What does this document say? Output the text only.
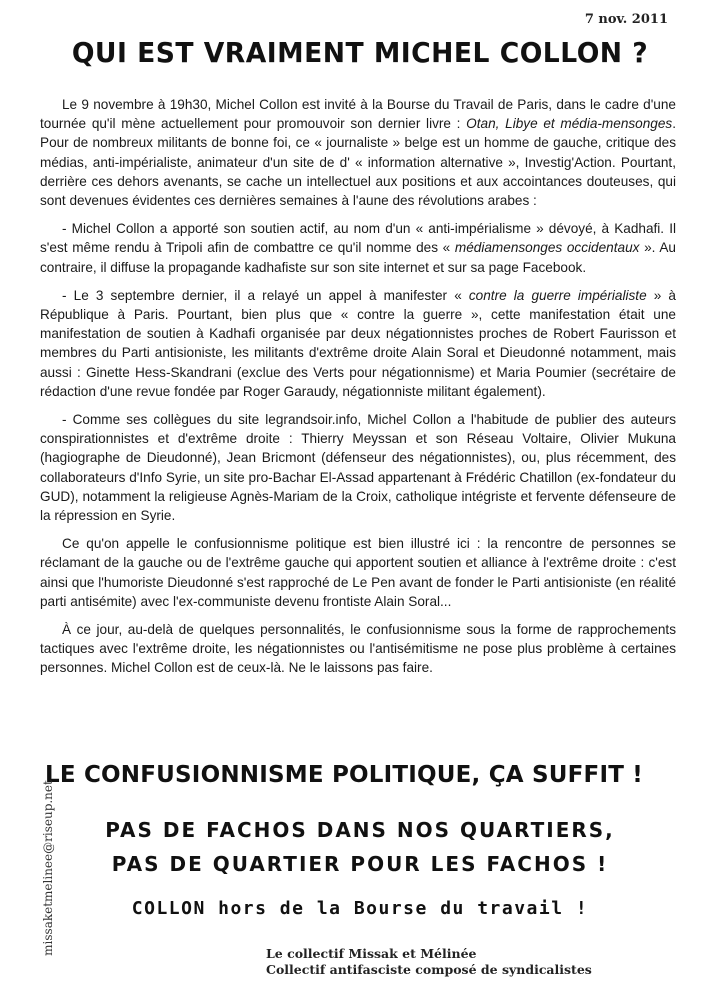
7 nov. 2011
QUI EST VRAIMENT MICHEL COLLON ?

Le 9 novembre à 19h30, Michel Collon est invité à la Bourse du Travail de Paris, dans le cadre d'une tournée qu'il mène actuellement pour promouvoir son dernier livre : Otan, Libye et média-mensonges. Pour de nombreux militants de bonne foi, ce « journaliste » belge est un homme de gauche, critique des médias, anti-impérialiste, animateur d'un site de d' « information alternative », Investig'Action. Pourtant, derrière ces dehors avenants, se cache un intellectuel aux positions et aux accointances douteuses, qui sont devenues évidentes ces dernières semaines à l'aune des révolutions arabes :

- Michel Collon a apporté son soutien actif, au nom d'un « anti-impérialisme » dévoyé, à Kadhafi. Il s'est même rendu à Tripoli afin de combattre ce qu'il nomme des « médiamensonges occidentaux ». Au contraire, il diffuse la propagande kadhafiste sur son site internet et sur sa page Facebook.

- Le 3 septembre dernier, il a relayé un appel à manifester « contre la guerre impérialiste » à République à Paris. Pourtant, bien plus que « contre la guerre », cette manifestation était une manifestation de soutien à Kadhafi organisée par deux négationnistes proches de Robert Faurisson et membres du Parti antisioniste, les militants d'extrême droite Alain Soral et Dieudonné notamment, mais aussi : Ginette Hess-Skandrani (exclue des Verts pour négationnisme) et Maria Poumier (secrétaire de rédaction d'une revue fondée par Roger Garaudy, négationniste militant également).

- Comme ses collègues du site legrandsoir.info, Michel Collon a l'habitude de publier des auteurs conspirationnistes et d'extrême droite : Thierry Meyssan et son Réseau Voltaire, Olivier Mukuna (hagiographe de Dieudonné), Jean Bricmont (défenseur des négationnistes), ou, plus récemment, des collaborateurs d'Info Syrie, un site pro-Bachar El-Assad appartenant à Frédéric Chatillon (ex-fondateur du GUD), notamment la religieuse Agnès-Mariam de la Croix, catholique intégriste et fervente défenseure de la répression en Syrie.

Ce qu'on appelle le confusionnisme politique est bien illustré ici : la rencontre de personnes se réclamant de la gauche ou de l'extrême gauche qui apportent soutien et alliance à l'extrême droite : c'est ainsi que l'humoriste Dieudonné s'est rapproché de Le Pen avant de fonder le Parti antisioniste (en réalité parti antisémite) avec l'ex-communiste devenu frontiste Alain Soral...

À ce jour, au-delà de quelques personnalités, le confusionnisme sous la forme de rapprochements tactiques avec l'extrême droite, les négationnistes ou l'antisémitisme ne pose plus problème à certaines personnes. Michel Collon est de ceux-là. Ne le laissons pas faire.

LE CONFUSIONNISME POLITIQUE, ÇA SUFFIT !
PAS DE FACHOS DANS NOS QUARTIERS,
PAS DE QUARTIER POUR LES FACHOS !
COLLON hors de la Bourse du travail !
Le collectif Missak et Mélinée
Collectif antifasciste composé de syndicalistes
missaketmelinee@riseup.net
